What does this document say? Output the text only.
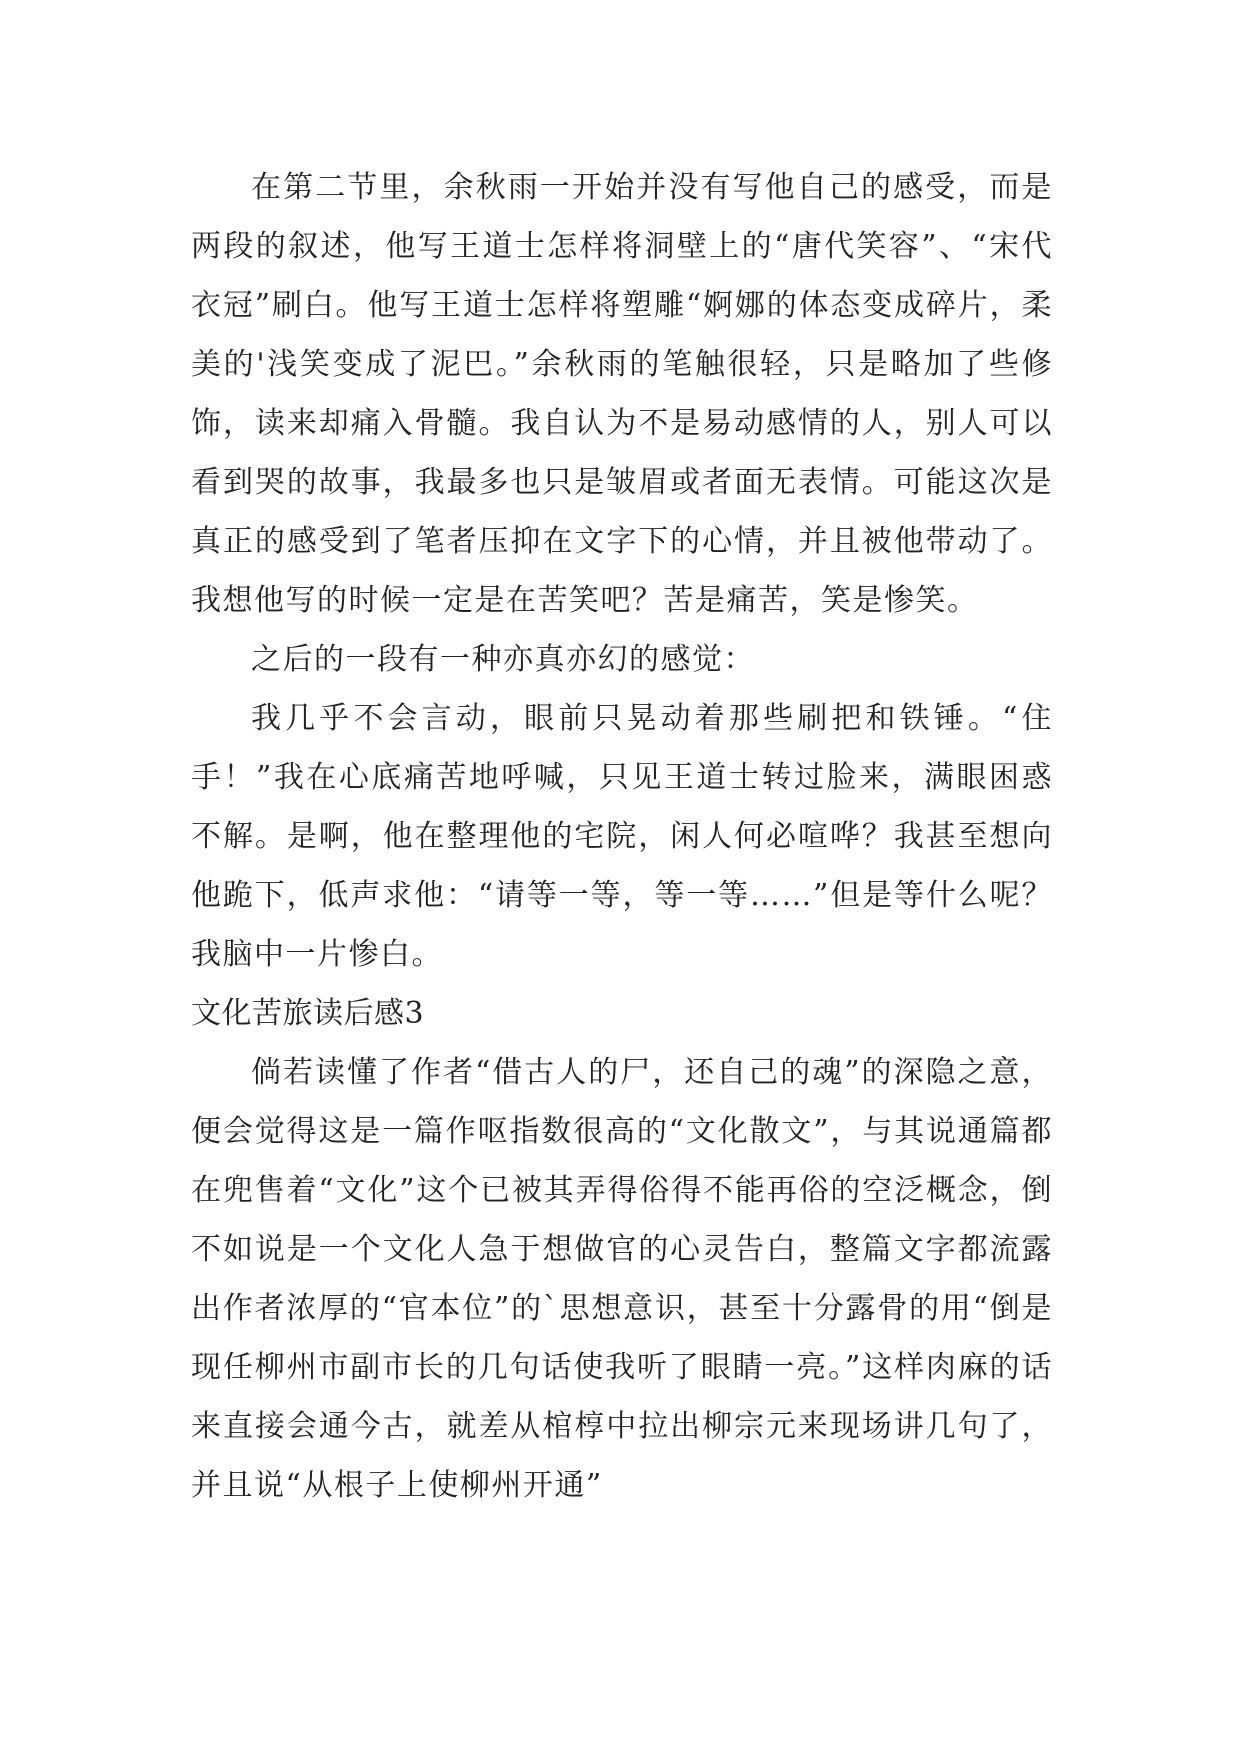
在第二节里，余秋雨一开始并没有写他自己的感受，而是两段的叙述，他写王道士怎样将洞壁上的“唐代笑容”、“宋代衣冠”刷白。他写王道士怎样将塑雕“婀娜的体态变成碎片，柔美的'浅笑变成了泥巴。”余秋雨的笔触很轻，只是略加了些修饰，读来却痛入骨髓。我自认为不是易动感情的人，别人可以看到哭的故事，我最多也只是皱眉或者面无表情。可能这次是真正的感受到了笔者压抑在文字下的心情，并且被他带动了。我想他写的时候一定是在苦笑吧？苦是痛苦，笑是惨笑。

之后的一段有一种亦真亦幻的感觉：

我几乎不会言动，眼前只晃动着那些刷把和铁锤。“住手！”我在心底痛苦地呼喊，只见王道士转过脸来，满眼困惑不解。是啊，他在整理他的宅院，闲人何必喧哗？我甚至想向他跪下，低声求他：“请等一等，等一等……”但是等什么呢？我脑中一片惨白。

文化苦旅读后感3

倘若读懂了作者“借古人的尸，还自己的魂”的深隐之意，便会觉得这是一篇作呕指数很高的“文化散文”，与其说通篇都在兜售着“文化”这个已被其弄得俗得不能再俗的空泛概念，倒不如说是一个文化人急于想做官的心灵告白，整篇文字都流露出作者浓厚的“官本位”的`思想意识，甚至十分露骨的用“倒是现任柳州市副市长的几句话使我听了眼睛一亮。”这样肉麻的话来直接会通今古，就差从棺椁中拉出柳宗元来现场讲几句了，并且说“从根子上使柳州开通”
